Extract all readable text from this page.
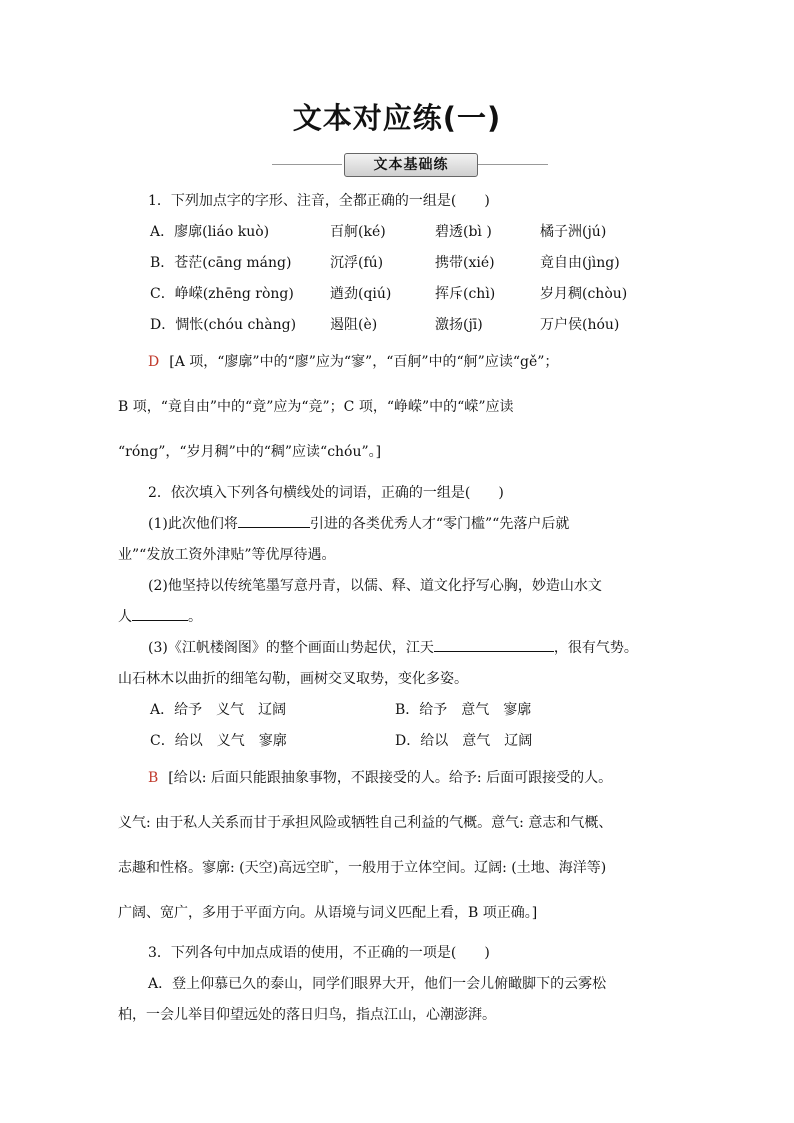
文本对应练(一)
文本基础练
1．下列加点字的字形、注音，全都正确的一组是(　　)
A．廖廓(liáo kuò)	百舸(ké)	碧透(bì )	橘子洲(jú)
B．苍茫(cāng máng)	沉浮(fú)	携带(xié)	竟自由(jìng)
C．峥嵘(zhēng ròng)	遒劲(qiú)	挥斥(chì)	岁月稠(chòu)
D．惆怅(chóu chàng) 遏阻(è)	激扬(jī)	万户侯(hóu)
D [A 项，“廖廓”中的“廖”应为“寥”，“百舸”中的“舸”应读“gě”；
B 项，“竟自由”中的“竟”应为“竞”；C 项，“峥嵘”中的“嵘”应读
“róng”，“岁月稠”中的“稠”应读“chóu”。]
2．依次填入下列各句横线处的词语，正确的一组是(　　)
(1)此次他们将	引进的各类优秀人才“零门槛”“先落户后就
业”“发放工资外津贴”等优厚待遇。
(2)他坚持以传统笔墨写意丹青，以儒、释、道文化抒写心胸，妙造山水文
人	。
(3)《江帆楼阁图》的整个画面山势起伏，江天	，很有气势。
山石林木以曲折的细笔勾勒，画树交叉取势，变化多姿。
A．给予　义气　辽阔	B．给予　意气　寥廓
C．给以　义气　寥廓	D．给以　意气　辽阔
B [给以: 后面只能跟抽象事物，不跟接受的人。给予: 后面可跟接受的人。
义气: 由于私人关系而甘于承担风险或牺牲自己利益的气概。意气: 意志和气概、
志趣和性格。寥廓: (天空)高远空旷，一般用于立体空间。辽阔: (土地、海洋等)
广阔、宽广，多用于平面方向。从语境与词义匹配上看，B 项正确。]
3．下列各句中加点成语的使用，不正确的一项是(　　)
A．登上仰慕已久的泰山，同学们眼界大开，他们一会儿俯瞰脚下的云雾松
柏，一会儿举目仰望远处的落日归鸟，指点江山，心潮澎湃。
